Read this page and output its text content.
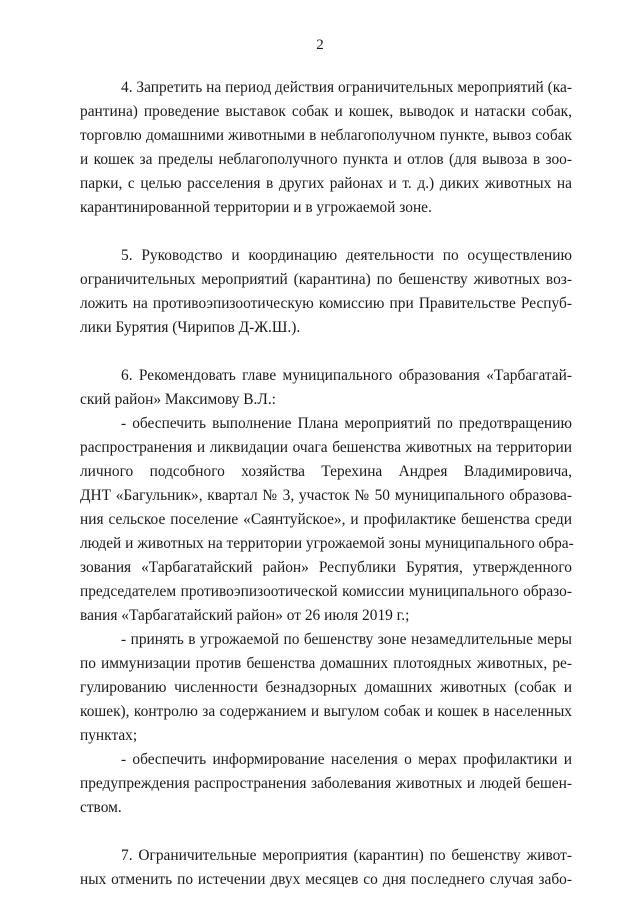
2
4. Запретить на период действия ограничительных мероприятий (ка-
рантина) проведение выставок собак и кошек, выводок и натаски собак,
торговлю домашними животными в неблагополучном пункте, вывоз собак
и кошек за пределы неблагополучного пункта и отлов (для вывоза в зоо-
парки, с целью расселения в других районах и т. д.) диких животных на
карантинированной территории и в угрожаемой зоне.
5. Руководство и координацию деятельности по осуществлению
ограничительных мероприятий (карантина) по бешенству животных воз-
ложить на противоэпизоотическую комиссию при Правительстве Респуб-
лики Бурятия (Чирипов Д-Ж.Ш.).
6. Рекомендовать главе муниципального образования «Тарбагатай-
ский район» Максимову В.Л.:
- обеспечить выполнение Плана мероприятий по предотвращению
распространения и ликвидации очага бешенства животных на территории
личного подсобного хозяйства Терехина Андрея Владимировича,
ДНТ «Багульник», квартал № 3, участок № 50 муниципального образова-
ния сельское поселение «Саянтуйское», и профилактике бешенства среди
людей и животных на территории угрожаемой зоны муниципального обра-
зования «Тарбагатайский район» Республики Бурятия, утвержденного
председателем противоэпизоотической комиссии муниципального образо-
вания «Тарбагатайский район» от 26 июля 2019 г.;
- принять в угрожаемой по бешенству зоне незамедлительные меры
по иммунизации против бешенства домашних плотоядных животных, ре-
гулированию численности безнадзорных домашних животных (собак и
кошек), контролю за содержанием и выгулом собак и кошек в населенных
пунктах;
- обеспечить информирование населения о мерах профилактики и
предупреждения распространения заболевания животных и людей бешен-
ством.
7. Ограничительные мероприятия (карантин) по бешенству живот-
ных отменить по истечении двух месяцев со дня последнего случая забо-
